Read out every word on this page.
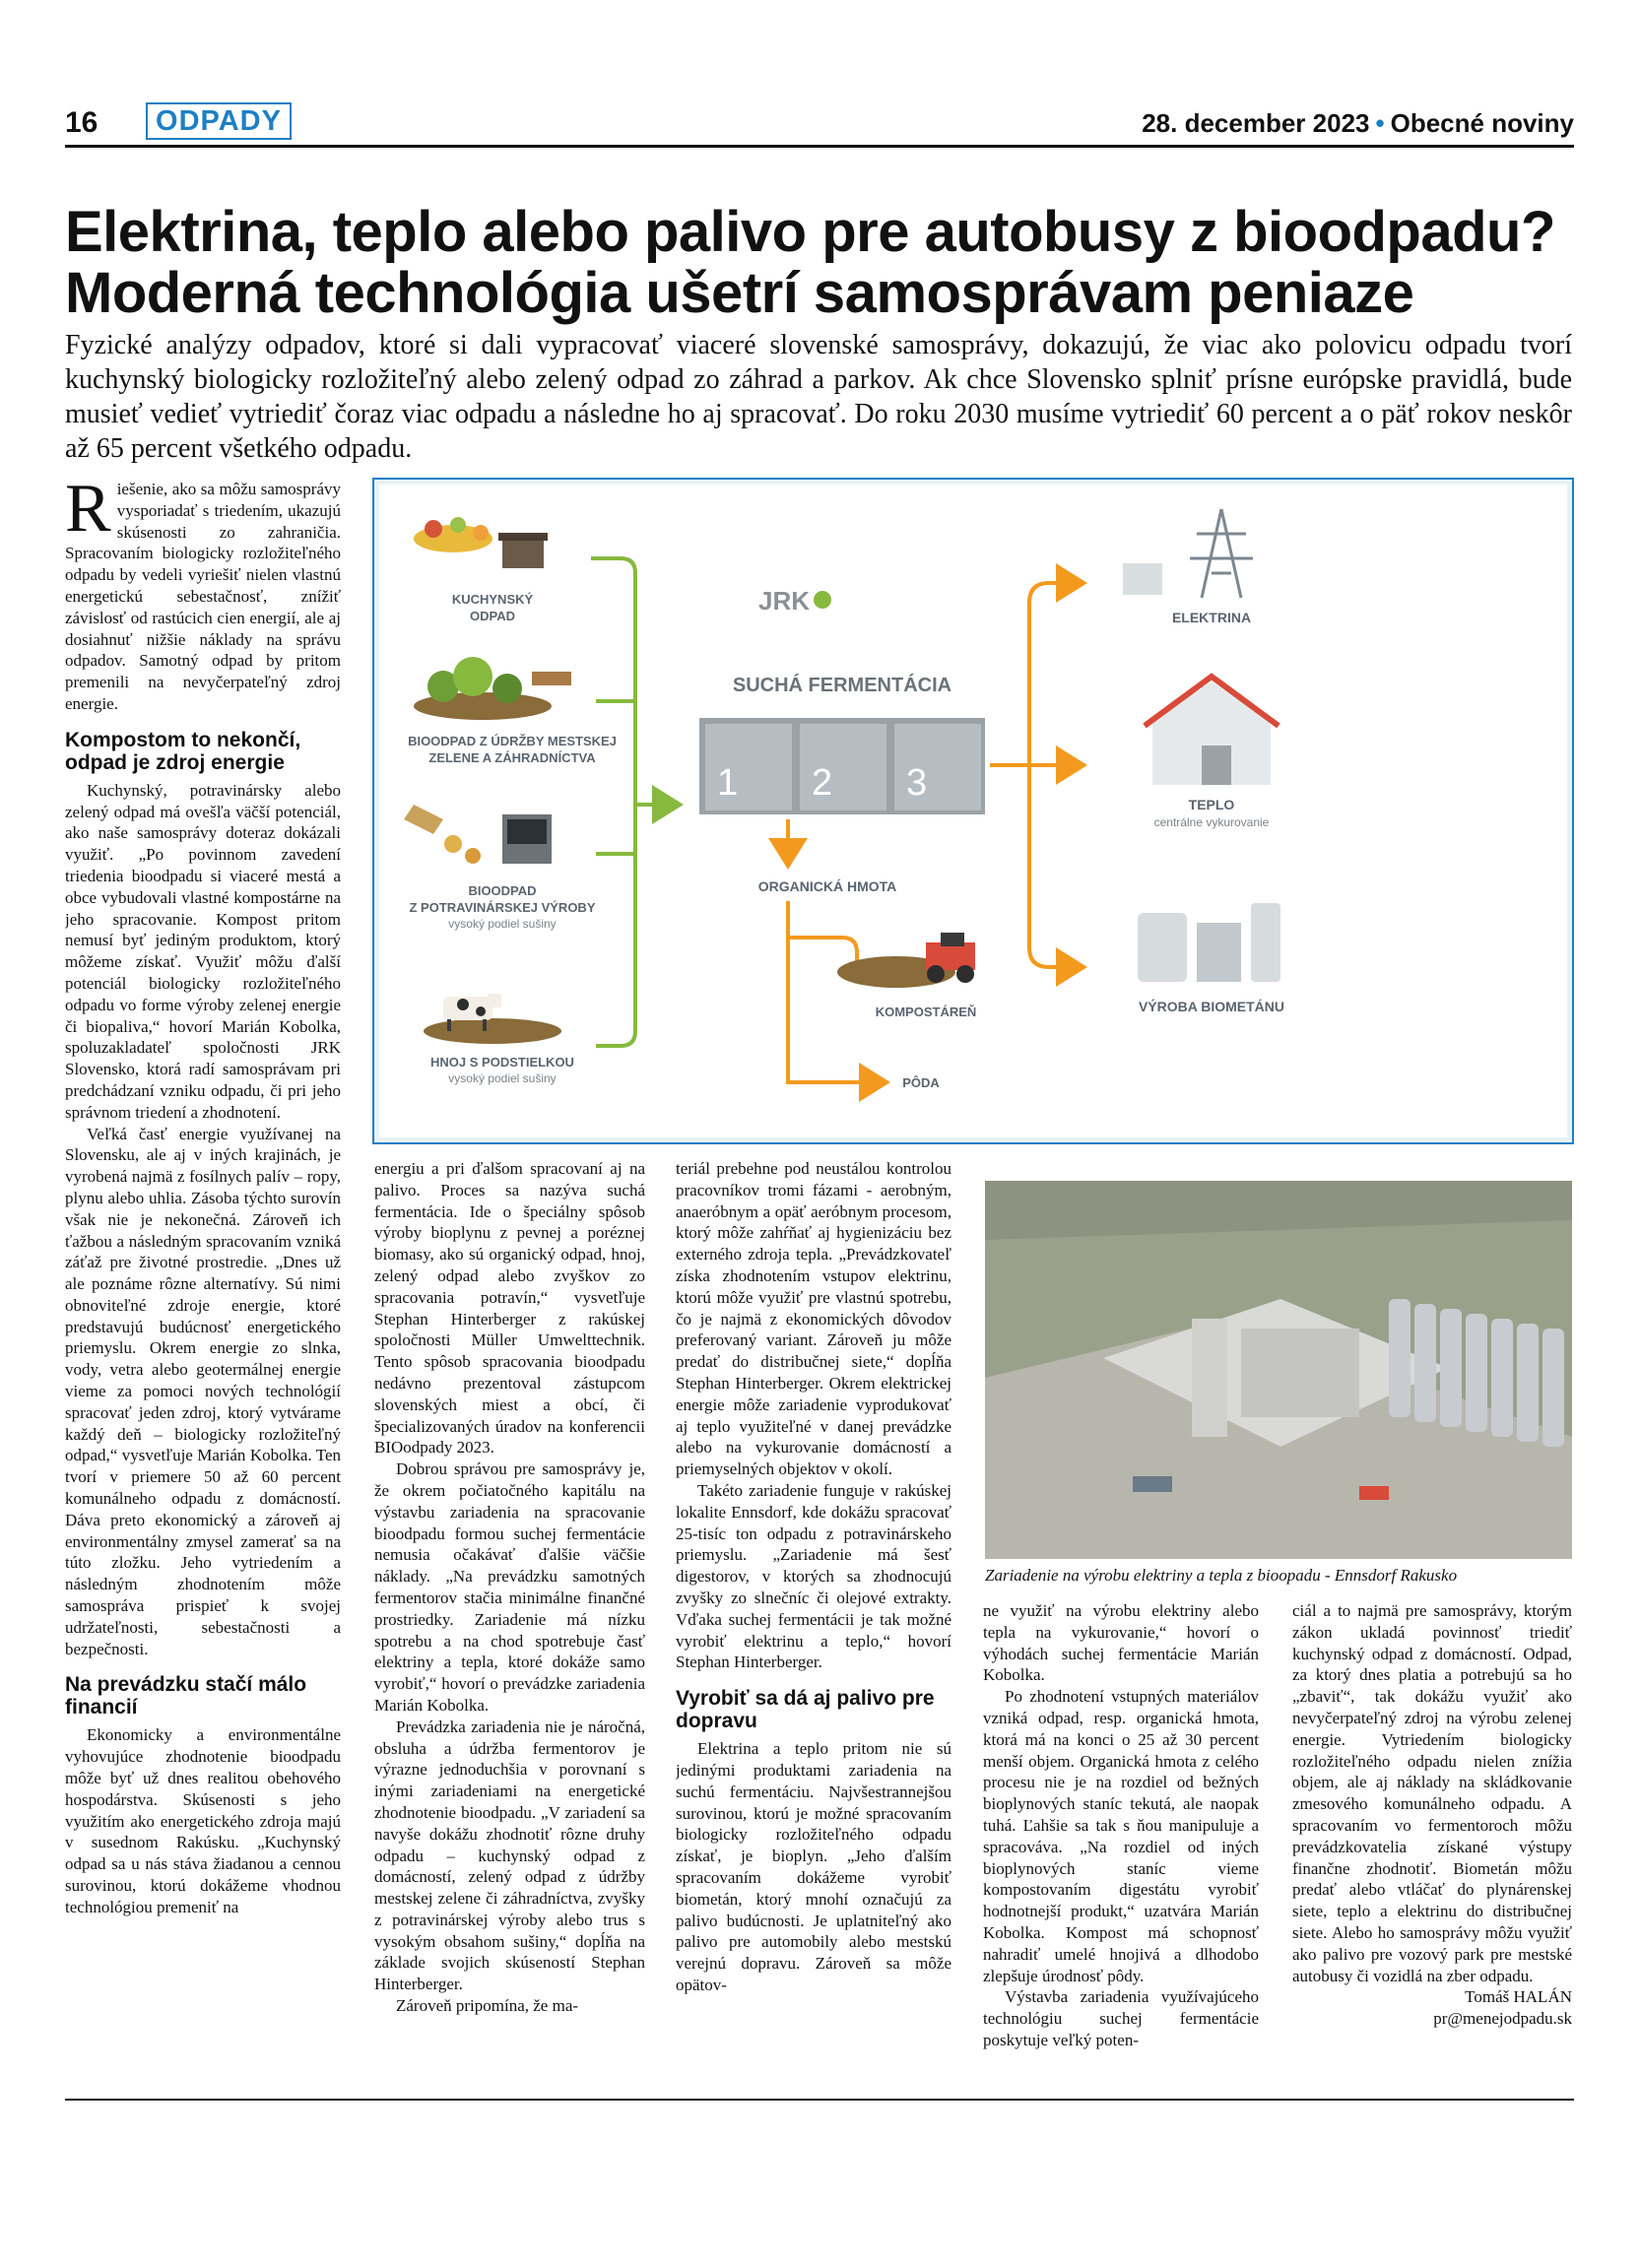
16	ODPADY	28. december 2023 • Obecné noviny
Elektrina, teplo alebo palivo pre autobusy z bioodpadu?
Moderná technológia ušetrí samosprávam peniaze

Fyzické analýzy odpadov, ktoré si dali vypracovať viaceré slovenské samosprávy, dokazujú, že viac ako polovicu odpadu tvorí kuchynský biologicky rozložiteľný alebo zelený odpad zo záhrad a parkov. Ak chce Slovensko splniť prísne európske pravidlá, bude musieť vedieť vytriediť čoraz viac odpadu a následne ho aj spracovať. Do roku 2030 musíme vytriediť 60 percent a o päť rokov neskôr až 65 percent všetkého odpadu.

Riešenie, ako sa môžu samosprávy vysporiadať s triedením, ukazujú skúsenosti zo zahraničia. Spracovaním biologicky rozložiteľného odpadu by vedeli vyriešiť nielen vlastnú energetickú sebestačnosť, znížiť závislosť od rastúcich cien energií, ale aj dosiahnuť nižšie náklady na správu odpadov. Samotný odpad by pritom premenili na nevyčerpateľný zdroj energie.

Kompostom to nekončí, odpad je zdroj energie

Kuchynský, potravinársky alebo zelený odpad má ovešľa väčší potenciál, ako naše samosprávy doteraz dokázali využiť. „Po povinnom zavedení triedenia bioodpadu si viaceré mestá a obce vybudovali vlastné kompostárne na jeho spracovanie. Kompost pritom nemusí byť jediným produktom, ktorý môžeme získať. Využiť môžu ďalší potenciál biologicky rozložiteľného odpadu vo forme výroby zelenej energie či biopaliva,“ hovorí Marián Kobolka, spoluzakladateľ spoločnosti JRK Slovensko, ktorá radí samosprávam pri predchádzaní vzniku odpadu, či pri jeho správnom triedení a zhodnotení.

Veľká časť energie využívanej na Slovensku, ale aj v iných krajinách, je vyrobená najmä z fosílnych palív – ropy, plynu alebo uhlia. Zásoba týchto surovín však nie je nekonečná. Zároveň ich ťažbou a následným spracovaním vzniká záťaž pre životné prostredie. „Dnes už ale poznáme rôzne alternatívy. Sú nimi obnoviteľné zdroje energie, ktoré predstavujú budúcnosť energetického priemyslu. Okrem energie zo slnka, vody, vetra alebo geotermálnej energie vieme za pomoci nových technológií spracovať jeden zdroj, ktorý vytvárame každý deň – biologicky rozložiteľný odpad,“ vysvetľuje Marián Kobolka. Ten tvorí v priemere 50 až 60 percent komunálneho odpadu z domácností. Dáva preto ekonomický a zároveň aj environmentálny zmysel zamerať sa na túto zložku. Jeho vytriedením a následným zhodnotením môže samospráva prispieť k svojej udržateľnosti, sebestačnosti a bezpečnosti.

Na prevádzku stačí málo financií

Ekonomicky a environmentálne vyhovujúce zhodnotenie bioodpadu môže byť už dnes realitou obehového hospodárstva. Skúsenosti s jeho využitím ako energetického zdroja majú v susednom Rakúsku. „Kuchynský odpad sa u nás stáva žiadanou a cennou surovinou, ktorú dokážeme vhodnou technológiou premeniť na

KUCHYNSKÝ
ODPAD
BIOODPAD Z ÚDRŽBY MESTSKEJ
ZELENE A ZÁHRADNÍCTVA
BIOODPAD
Z POTRAVINÁRSKEJ VÝROBY
vysoký podiel sušiny
HNOJ S PODSTIELKOU
vysoký podiel sušiny
JRK
SUCHÁ FERMENTÁCIA
1 2 3
ORGANICKÁ HMOTA
KOMPOSTÁREŇ
PÔDA
ELEKTRINA
TEPLO
centrálne vykurovanie
VÝROBA BIOMETÁNU

energiu a pri ďalšom spracovaní aj na palivo. Proces sa nazýva suchá fermentácia. Ide o špeciálny spôsob výroby bioplynu z pevnej a poréznej biomasy, ako sú organický odpad, hnoj, zelený odpad alebo zvyškov zo spracovania potravín,“ vysvetľuje Stephan Hinterberger z rakúskej spoločnosti Müller Umwelttechnik. Tento spôsob spracovania bioodpadu nedávno prezentoval zástupcom slovenských miest a obcí, či špecializovaných úradov na konferencii BIOodpady 2023.

Dobrou správou pre samosprávy je, že okrem počiatočného kapitálu na výstavbu zariadenia na spracovanie bioodpadu formou suchej fermentácie nemusia očakávať ďalšie väčšie náklady. „Na prevádzku samotných fermentorov stačia minimálne finančné prostriedky. Zariadenie má nízku spotrebu a na chod spotrebuje časť elektriny a tepla, ktoré dokáže samo vyrobiť,“ hovorí o prevádzke zariadenia Marián Kobolka.

Prevádzka zariadenia nie je náročná, obsluha a údržba fermentorov je výrazne jednoduchšia v porovnaní s inými zariadeniami na energetické zhodnotenie bioodpadu. „V zariadení sa navyše dokážu zhodnotiť rôzne druhy odpadu – kuchynský odpad z domácností, zelený odpad z údržby mestskej zelene či záhradníctva, zvyšky z potravinárskej výroby alebo trus s vysokým obsahom sušiny,“ dopĺňa na základe svojich skúseností Stephan Hinterberger.

Zároveň pripomína, že ma-

teriál prebehne pod neustálou kontrolou pracovníkov tromi fázami - aerobným, anaeróbnym a opäť aeróbnym procesom, ktorý môže zahŕňať aj hygienizáciu bez externého zdroja tepla. „Prevádzkovateľ získa zhodnotením vstupov elektrinu, ktorú môže využiť pre vlastnú spotrebu, čo je najmä z ekonomických dôvodov preferovaný variant. Zároveň ju môže predať do distribučnej siete,“ dopĺňa Stephan Hinterberger. Okrem elektrickej energie môže zariadenie vyprodukovať aj teplo využiteľné v danej prevádzke alebo na vykurovanie domácností a priemyselných objektov v okolí.

Takéto zariadenie funguje v rakúskej lokalite Ennsdorf, kde dokážu spracovať 25-tisíc ton odpadu z potravinárskeho priemyslu. „Zariadenie má šesť digestorov, v ktorých sa zhodnocujú zvyšky zo slnečníc či olejové extrakty. Vďaka suchej fermentácii je tak možné vyrobiť elektrinu a teplo,“ hovorí Stephan Hinterberger.

Vyrobiť sa dá aj palivo pre dopravu

Elektrina a teplo pritom nie sú jedinými produktami zariadenia na suchú fermentáciu. Najvšestrannejšou surovinou, ktorú je možné spracovaním biologicky rozložiteľného odpadu získať, je bioplyn. „Jeho ďalším spracovaním dokážeme vyrobiť biometán, ktorý mnohí označujú za palivo budúcnosti. Je uplatniteľný ako palivo pre automobily alebo mestskú verejnú dopravu. Zároveň sa môže opätov-

Zariadenie na výrobu elektriny a tepla z bioopadu - Ennsdorf Rakusko

ne využiť na výrobu elektriny alebo tepla na vykurovanie,“ hovorí o výhodách suchej fermentácie Marián Kobolka.

Po zhodnotení vstupných materiálov vzniká odpad, resp. organická hmota, ktorá má na konci o 25 až 30 percent menší objem. Organická hmota z celého procesu nie je na rozdiel od bežných bioplynových staníc tekutá, ale naopak tuhá. Ľahšie sa tak s ňou manipuluje a spracováva. „Na rozdiel od iných bioplynových staníc vieme kompostovaním digestátu vyrobiť hodnotnejší produkt,“ uzatvára Marián Kobolka. Kompost má schopnosť nahradiť umelé hnojivá a dlhodobo zlepšuje úrodnosť pôdy.

Výstavba zariadenia využívajúceho technológiu suchej fermentácie poskytuje veľký poten-

ciál a to najmä pre samosprávy, ktorým zákon ukladá povinnosť triediť kuchynský odpad z domácností. Odpad, za ktorý dnes platia a potrebujú sa ho „zbaviť“, tak dokážu využiť ako nevyčerpateľný zdroj na výrobu zelenej energie. Vytriedením biologicky rozložiteľného odpadu nielen znížia objem, ale aj náklady na skládkovanie zmesového komunálneho odpadu. A spracovaním vo fermentoroch môžu prevádzkovatelia získané výstupy finančne zhodnotiť. Biometán môžu predať alebo vtláčať do plynárenskej siete, teplo a elektrinu do distribučnej siete. Alebo ho samosprávy môžu využiť ako palivo pre vozový park pre mestské autobusy či vozidlá na zber odpadu.

Tomáš HALÁN

pr@menejodpadu.sk
